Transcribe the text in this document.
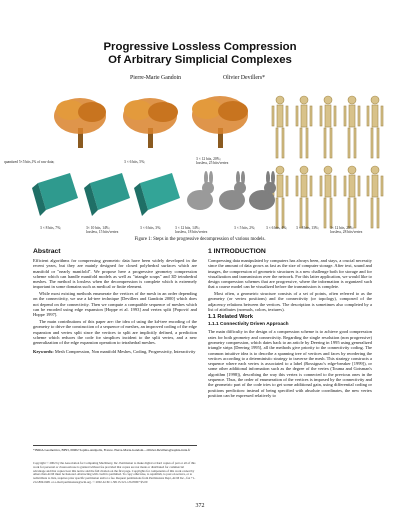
Progressive Lossless Compression
Of Arbitrary Simplicial Complexes
Pierre-Marie Gandoin	Olivier Devillers*
quantized 5×5 bits,1% of raw data;	3 × 6 bits, 5%;
3 × 12 bits, 20%;
lossless, 25 bits/vertex
3 × 8 bits, 7%;	3× 10 bits, 14%;
lossless, 15 bits/vertex
3 × 6 bits, 3%;	3 × 12 bits, 14%;
lossless, 18 bits/vertex
3 × 5 bits, 2%;	3 × 6 bits, 4%; 3 × 8 bits, 13%;	3× 12 bits, 25%;
lossless, 28 bits/vertex
Figure 1: Steps in the progressive decompression of various models.
Abstract

Efficient algorithms for compressing geometric data have been widely developed in the recent years, but they are mainly designed for closed polyhedral surfaces which are manifold or "nearly manifold". We propose here a progressive geometry compression scheme which can handle manifold models as well as "triangle soups" and 3D tetrahedral meshes. The method is lossless when the decompression is complete which is extremely important in some domains such as medical or finite element.

While most existing methods enumerate the vertices of the mesh in an order depending on the connectivity, we use a kd-tree technique [Devillers and Gandoin 2000] which does not depend on the connectivity. Then we compute a compatible sequence of meshes which can be encoded using edge expansion [Hoppe et al. 1993] and vertex split [Popović and Hoppe 1997].

The main contributions of this paper are: the idea of using the kd-tree encoding of the geometry to drive the construction of a sequence of meshes, an improved coding of the edge expansion and vertex split since the vertices to split are implicitly defined, a prediction scheme which reduces the code for simplices incident to the split vertex, and a new generalization of the edge expansion operation to tetrahedral meshes.

Keywords: Mesh Compression, Non manifold Meshes, Coding, Progressivity, Interactivity

*INRIA Geometrica, BP93, 06902 Sophia-Antipolis, France. Pierre-Marie.Gandoin—Olivier.Devillers@sophia.inria.fr
Copyright © 2002 by the Association for Computing Machinery, Inc. Permission to make digital or hard copies of part or all of this work for personal or classroom use is granted without fee provided that copies are not made or distributed for commercial advantage and that copies bear this notice and the full citation on the first page. Copyrights for components of this work owned by others than ACM must be honored. Abstracting with credit is permitted. To copy otherwise, to republish, to post on servers, or to redistribute to lists, requires prior specific permission and/or a fee. Request permissions from Permissions Dept, ACM Inc., fax +1-212-869-0481 or e-mail permissions@acm.org. © 2002 ACM 1-58113-521-1/02/0007 $5.00
1 INTRODUCTION

Compressing data manipulated by computers has always been, and stays, a crucial necessity since the amount of data grows as fast as the size of computer storage. After text, sound and images, the compression of geometric structures is a new challenge both for storage and for visualization and transmission over the network. For this latter application, we would like to design compression schemes that are progressive, where the information is organized such that a coarse model can be visualized before the transmission is complete.

Most often, a geometric structure consists of a set of points, often referred to as the geometry (or vertex positions) and the connectivity (or topology), composed of the adjacency relations between the vertices. The description is sometimes also completed by a list of attributes (normals, colors, textures).

1.1 Related Work
1.1.1 Connectivity Driven Approach

The main difficulty in the design of a compression scheme is to achieve good compression rates for both geometry and connectivity. Regarding the single resolution (non progressive) geometry compression, which dates back to an article by Deering in 1995 using generalized triangle strips [Deering 1995], all the methods give priority to the connectivity coding. The common intuitive idea is to describe a spanning tree of vertices and faces by reordering the vertices according to a deterministic strategy to traverse the mesh. This strategy constructs a sequence where each vertex is associated to a label (Rossignac's edge-breaker [1999]), or some other additional information such as the degree of the vertex (Touma and Gotsman's algorithm [1998]), describing the way this vertex is connected to the previous ones in the sequence. Thus, the order of enumeration of the vertices is imposed by the connectivity and the geometric part of the code tries to get some additional gain, using differential coding or positions prediction: instead of being specified with absolute coordinates, the new vertex position can be expressed relatively to

372
